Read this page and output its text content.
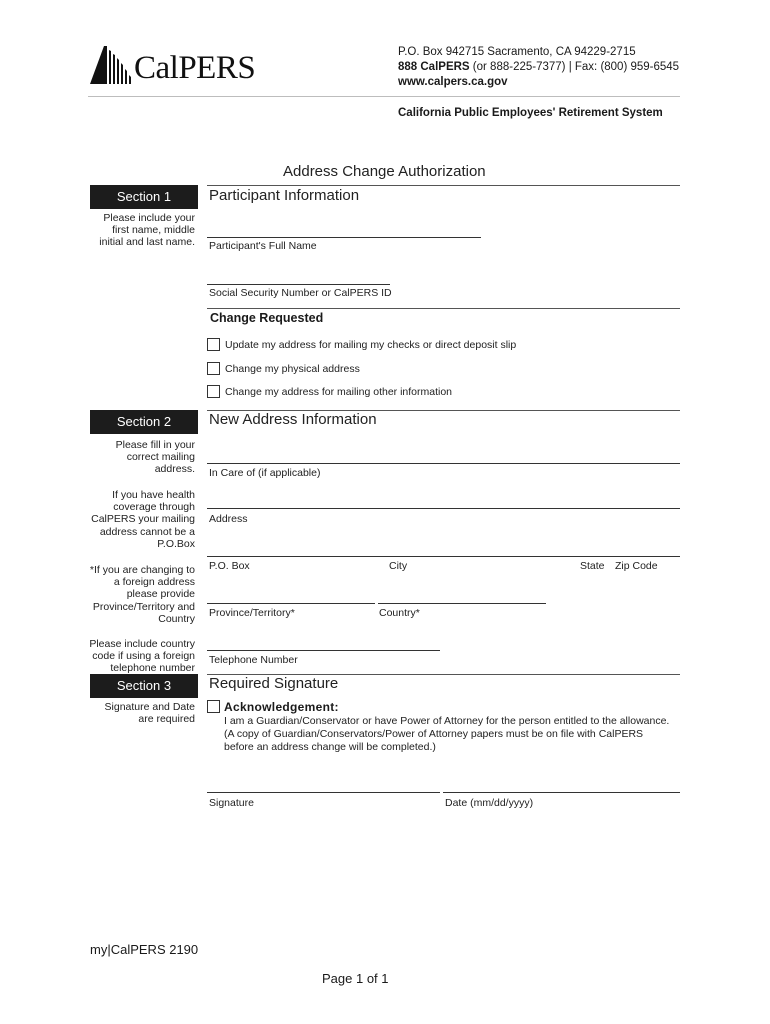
CalPERS	P.O. Box 942715 Sacramento, CA 94229-2715
888 CalPERS (or 888-225-7377) | Fax: (800) 959-6545
www.calpers.ca.gov
California Public Employees' Retirement System
Address Change Authorization
Section 1	Participant Information
Please include your first name, middle initial and last name. Participant's Full Name
Social Security Number or CalPERS ID
Change Requested
Update my address for mailing my checks or direct deposit slip
Change my physical address
Change my address for mailing other information
Section 2	New Address Information
Please fill in your correct mailing address.
If you have health coverage through CalPERS your mailing address cannot be a P.O.Box
*If you are changing to a foreign address please provide Province/Territory and Country
Please include country code if using a foreign telephone number
In Care of (if applicable)
Address
P.O. Box	City	State Zip Code
Province/Territory*	Country*
Telephone Number
Section 3	Required Signature
Signature and Date are required
Acknowledgement:
I am a Guardian/Conservator or have Power of Attorney for the person entitled to the allowance. (A copy of Guardian/Conservators/Power of Attorney papers must be on file with CalPERS before an address change will be completed.)
Signature	Date (mm/dd/yyyy)
my|CalPERS 2190
Page 1 of 1
